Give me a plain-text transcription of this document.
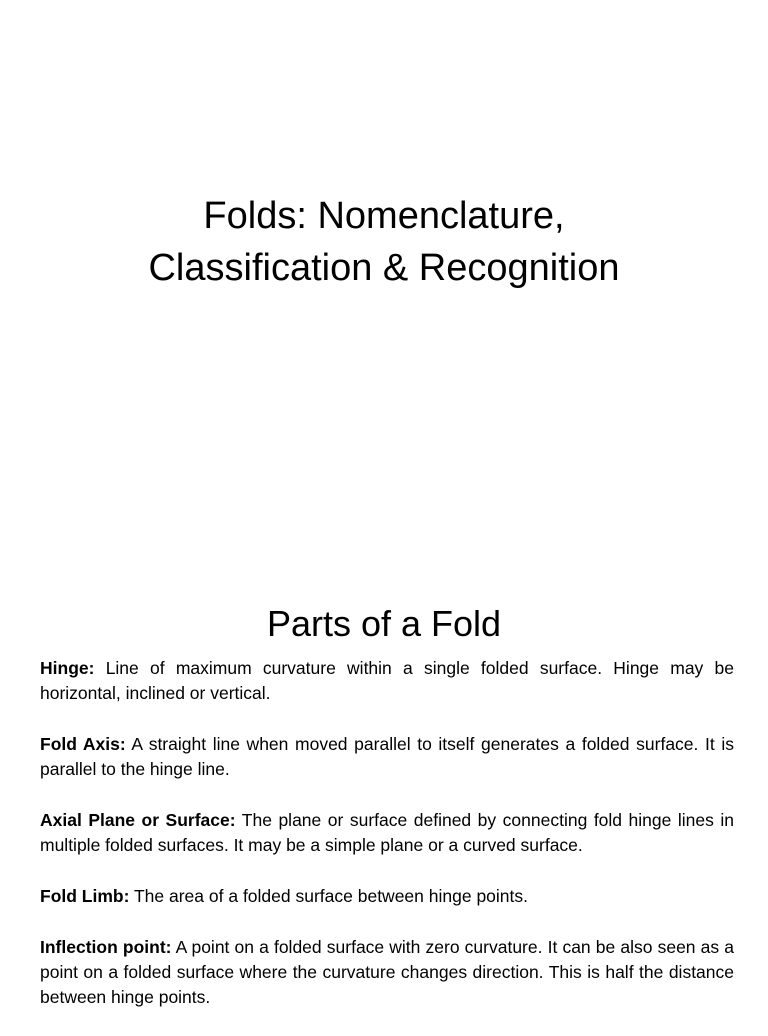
Folds: Nomenclature,
Classification & Recognition
Parts of a Fold
Hinge: Line of maximum curvature within a single folded surface. Hinge may be horizontal, inclined or vertical.
Fold Axis: A straight line when moved parallel to itself generates a folded surface. It is parallel to the hinge line.
Axial Plane or Surface: The plane or surface defined by connecting fold hinge lines in multiple folded surfaces. It may be a simple plane or a curved surface.
Fold Limb: The area of a folded surface between hinge points.
Inflection point: A point on a folded surface with zero curvature. It can be also seen as a point on a folded surface where the curvature changes direction. This is half the distance between hinge points.
